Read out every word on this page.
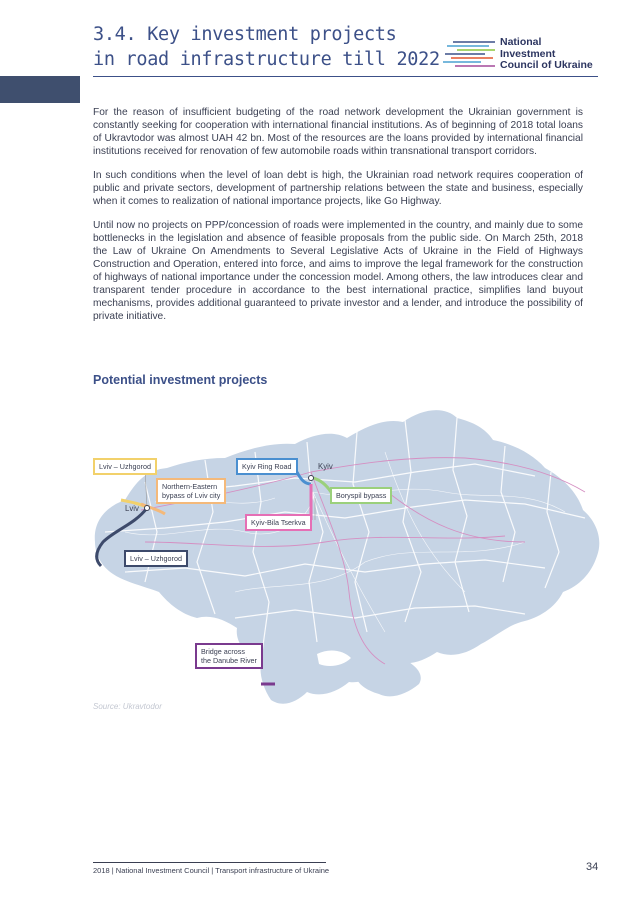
3.4. Key investment projects
in road infrastructure till 2022
National
Investment
Council of Ukraine

For the reason of insufficient budgeting of the road network development the Ukrainian government is constantly seeking for cooperation with international financial institutions. As of beginning of 2018 total loans of Ukravtodor was almost UAH 42 bn. Most of the resources are the loans provided by international financial institutions received for renovation of few automobile roads within transnational transport corridors.

In such conditions when the level of loan debt is high, the Ukrainian road network requires cooperation of public and private sectors, development of partnership relations between the state and business, especially when it comes to realization of national importance projects, like Go Highway.

Until now no projects on PPP/concession of roads were implemented in the country, and mainly due to some bottlenecks in the legislation and absence of feasible proposals from the public side. On March 25th, 2018 the Law of Ukraine On Amendments to Several Legislative Acts of Ukraine in the Field of Highways Construction and Operation, entered into force, and aims to improve the legal framework for the construction of highways of national importance under the concession model. Among others, the law introduces clear and transparent tender procedure in accordance to the best international practice, simplifies land buyout mechanisms, provides additional guaranteed to private investor and a lender, and introduce the possibility of private initiative.

Potential investment projects
Lviv
Kyiv
Lviv – Uzhgorod	Kyiv Ring Road
Northern-Eastern
bypass of Lviv city	Boryspil bypass
Kyiv-Bila Tserkva
Lviv – Uzhgorod
Bridge across
the Danube River
Source: Ukravtodor
2018 | National Investment Council | Transport infrastructure of Ukraine	34
